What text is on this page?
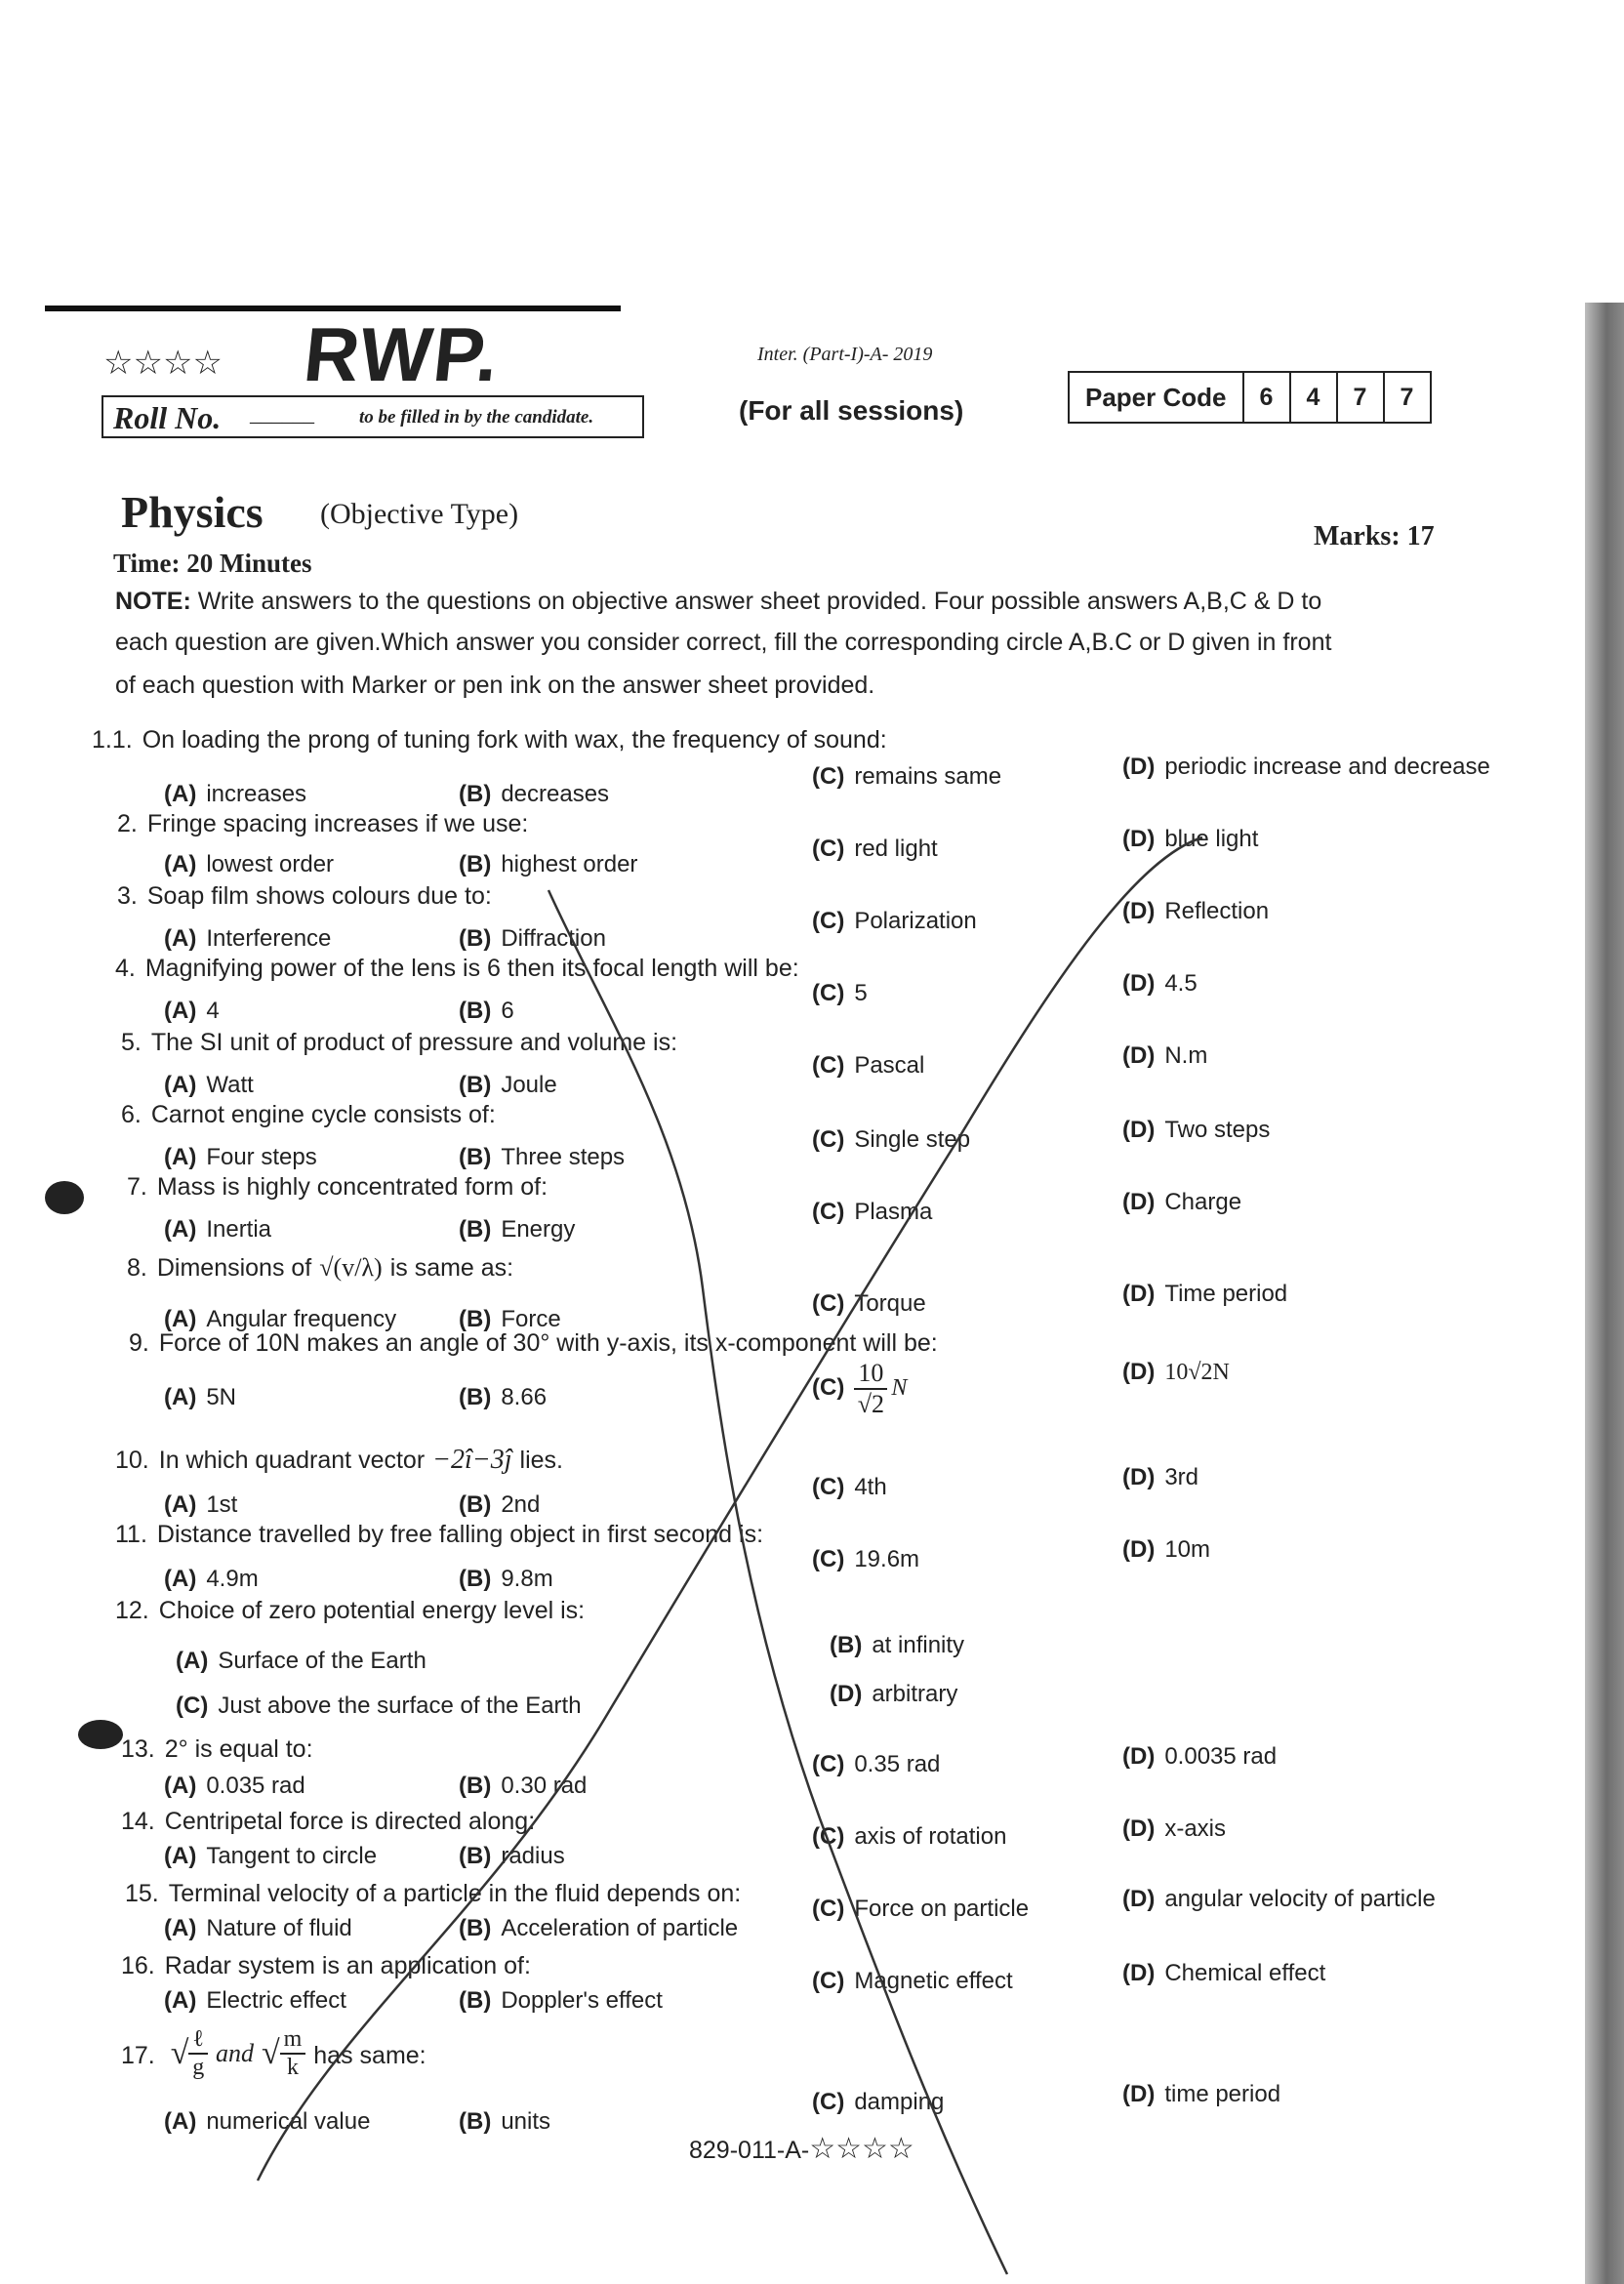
☆☆☆☆ RWP.	Inter. (Part-I)-A- 2019
(For all sessions)
Roll No. ______ to be filled in by the candidate.
Paper Code	6	4	7	7
Physics (Objective Type)
Marks: 17
Time: 20 Minutes
NOTE: Write answers to the questions on objective answer sheet provided. Four possible answers A,B,C & D to
each question are given.Which answer you consider correct, fill the corresponding circle A,B.C or D given in front
of each question with Marker or pen ink on the answer sheet provided.
1.1. On loading the prong of tuning fork with wax, the frequency of sound:
(A) increases	(B) decreases
(C) remains same	(D) periodic increase and decrease
2. Fringe spacing increases if we use:
(A) lowest order	(B) highest order
(C) red light	(D) blue light
3. Soap film shows colours due to:
(A) Interference	(B) Diffraction
(C) Polarization	(D) Reflection
4. Magnifying power of the lens is 6 then its focal length will be:
(A) 4	(B) 6
(C) 5	(D) 4.5
5. The SI unit of product of pressure and volume is:
(A) Watt	(B) Joule
(C) Pascal	(D) N.m
6. Carnot engine cycle consists of:
(A) Four steps	(B) Three steps
(C) Single step	(D) Two steps
7. Mass is highly concentrated form of:
(A) Inertia	(B) Energy
(C) Plasma	(D) Charge
8. Dimensions of √(v/λ) is same as:
(A) Angular frequency	(B) Force
(C) Torque	(D) Time period
9. Force of 10N makes an angle of 30° with y-axis, its x-component will be:
(A) 5N	(B) 8.66	$(C) \frac{10}{√2}$ N
(D) 10√2N
10. In which quadrant vector −2î−3ĵ lies.
(A) 1st	(B) 2nd
(C) 4th	(D) 3rd
11. Distance travelled by free falling object in first second is:
(A) 4.9m	(B) 9.8m
(C) 19.6m	(D) 10m
12. Choice of zero potential energy level is:
(A) Surface of the Earth
(B) at infinity
(C) Just above the surface of the Earth	(D) arbitrary
13. 2° is equal to:
(A) 0.035 rad	(B) 0.30 rad
(C) 0.35 rad	(D) 0.0035 rad
14. Centripetal force is directed along:
(A) Tangent to circle	(B) radius
(C) axis of rotation	(D) x-axis
15. Terminal velocity of a particle in the fluid depends on:
(A) Nature of fluid	(B) Acceleration of particle
(C) Force on particle	(D) angular velocity of particle
16. Radar system is an application of:
(A) Electric effect	(B) Doppler's effect
(C) Magnetic effect	(D) Chemical effect
17. √ $\frac{\text{ℓ}}{g}$ and √ $\frac{m}{k}$ has same:
(A) numerical value	(B) units
(C) damping	(D) time period
829-011-A-☆☆☆☆
